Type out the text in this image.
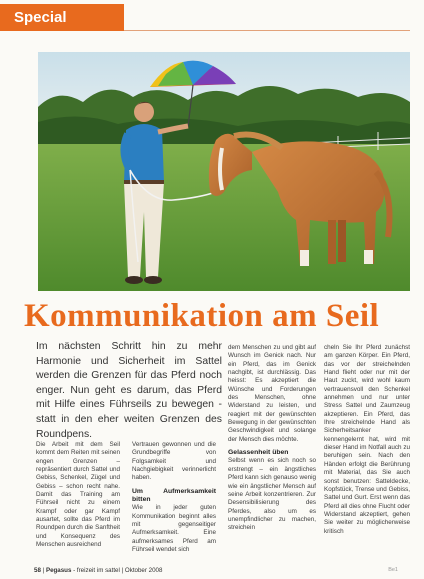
Special
Kommunikation am Seil
Im nächsten Schritt hin zu mehr Harmonie und Sicherheit im Sattel werden die Grenzen für das Pferd noch enger. Nun geht es darum, das Pferd mit Hilfe eines Führseils zu bewegen - statt in den eher weiten Grenzen des Roundpens.

Die Arbeit mit dem Seil kommt dem Reiten mit seinen engen Grenzen – repräsentiert durch Sattel und Gebiss, Schenkel, Zügel und Gebiss – schon recht nahe. Damit das Training am Führseil nicht zu einem Krampf oder gar Kampf ausartet, sollte das Pferd im Roundpen durch die Sanftheit und Konsequenz des Menschen ausreichend

Vertrauen gewonnen und die Grundbegriffe von Folgsamkeit und Nachgiebigkeit verinnerlicht haben.

Um Aufmerksamkeit bitten

Wie in jeder guten Kommunikation beginnt alles mit gegenseitiger Aufmerksamkeit. Eine aufmerksames Pferd am Führseil wendet sich

dem Menschen zu und gibt auf Wunsch im Genick nach. Nur ein Pferd, das im Genick nachgibt, ist durchlässig. Das heisst: Es akzeptiert die Wünsche und Forderungen des Menschen, ohne Widerstand zu leisten, und reagiert mit der gewünschten Bewegung in der gewünschten Geschwindigkeit und solange der Mensch dies möchte.

Gelassenheit üben

Selbst wenn es sich noch so erstrengt – ein ängstliches Pferd kann sich genauso wenig wie ein ängstlicher Mensch auf seine Arbeit konzentrieren. Zur Desensibilisierung des Pferdes, also um es unempfindlicher zu machen, streichein

cheln Sie Ihr Pferd zunächst am ganzen Körper. Ein Pferd, das vor der streichelnden Hand flieht oder nur mit der Haut zuckt, wird wohl kaum vertrauensvoll den Schenkel annehmen und nur unter Stress Sattel und Zaumzeug akzeptieren. Ein Pferd, das Ihre streichelnde Hand als Sicherheitsanker kennengelernt hat, wird mit dieser Hand im Notfall auch zu beruhigen sein. Nach den Händen erfolgt die Berührung mit Material, das Sie auch sonst benutzen: Satteldecke, Kopfstück, Trense und Gebiss, Sattel und Gurt. Erst wenn das Pferd all dies ohne Flucht oder Widerstand akzeptiert, gehen Sie weiter zu möglicherweise kritisch

58 | Pegasus - freizeit im sattel | Oktober 2008	Be1
